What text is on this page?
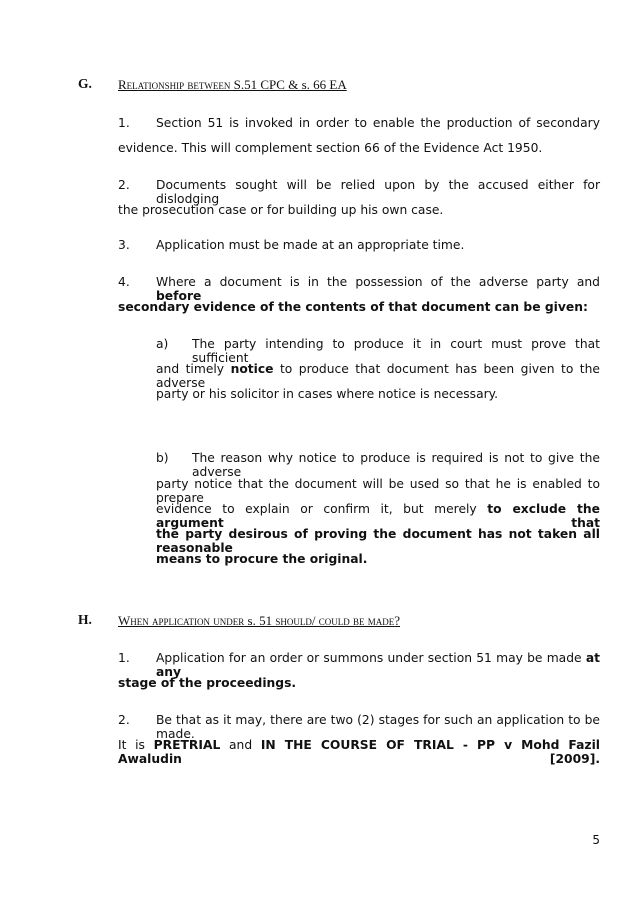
G. Relationship between S.51 CPC & s. 66 EA
1. Section 51 is invoked in order to enable the production of secondary
evidence. This will complement section 66 of the Evidence Act 1950.
2. Documents sought will be relied upon by the accused either for dislodging
the prosecution case or for building up his own case.
3. Application must be made at an appropriate time.
4. Where a document is in the possession of the adverse party and before
secondary evidence of the contents of that document can be given:
a) The party intending to produce it in court must prove that sufficient
and timely notice to produce that document has been given to the adverse
party or his solicitor in cases where notice is necessary.
b) The reason why notice to produce is required is not to give the adverse
party notice that the document will be used so that he is enabled to prepare
evidence to explain or confirm it, but merely to exclude the argument that
the party desirous of proving the document has not taken all reasonable
means to procure the original.
H. When application under s. 51 should/ could be made?
1. Application for an order or summons under section 51 may be made at any
stage of the proceedings.
2. Be that as it may, there are two (2) stages for such an application to be made.
It is PRETRIAL and IN THE COURSE OF TRIAL - PP v Mohd Fazil Awaludin [2009].
5
